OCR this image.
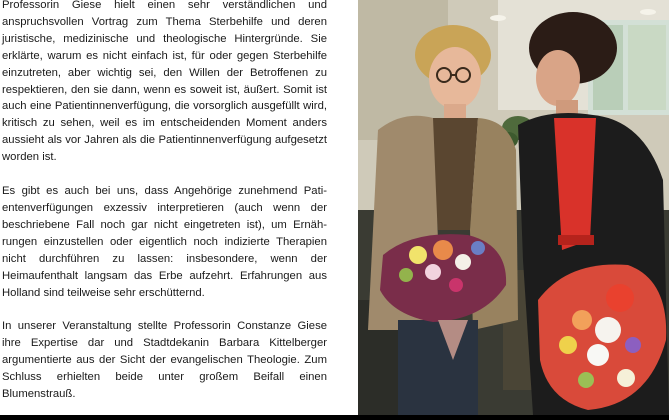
Professorin Giese hielt einen sehr verständlichen und anspruchsvollen Vortrag zum Thema Sterbehilfe und deren juristische, medizinische und theologische Hintergründe. Sie erklärte, warum es nicht einfach ist, für oder gegen Sterbehilfe einzutreten, aber wichtig sei, den Willen der Betroffenen zu respektieren, den sie dann, wenn es soweit ist, äußert. Somit ist auch eine Patientinnenverfügung, die vorsorglich ausgefüllt wird, kritisch zu sehen, weil es im entscheidenden Moment anders aussieht als vor Jahren als die Patientinnenverfügung aufgesetzt worden ist.

Es gibt es auch bei uns, dass Angehörige zunehmend Patientenverfügungen exzessiv interpretieren (auch wenn der beschriebene Fall noch gar nicht eingetreten ist), um Ernährungen einzustellen oder eigentlich noch indizierte Therapien nicht durchführen zu lassen: insbesondere, wenn der Heimaufenthalt langsam das Erbe aufzehrt. Erfahrungen aus Holland sind teilweise sehr erschütternd.

In unserer Veranstaltung stellte Professorin Constanze Giese ihre Expertise dar und Stadtdekanin Barbara Kittelberger argumentierte aus der Sicht der evangelischen Theologie. Zum Schluss erhielten beide unter großem Beifall einen Blumenstrauß.
